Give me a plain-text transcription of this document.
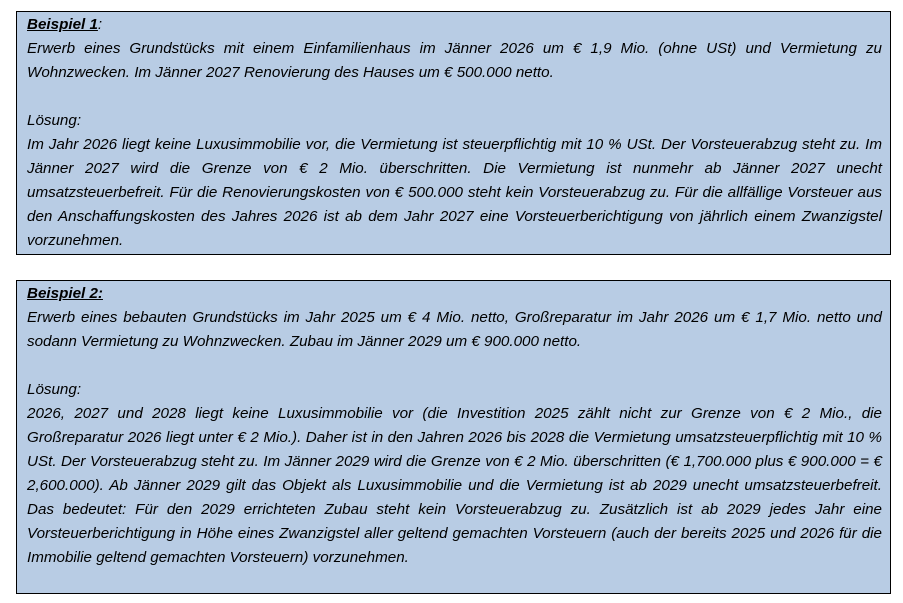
Beispiel 1:

Erwerb eines Grundstücks mit einem Einfamilienhaus im Jänner 2026 um € 1,9 Mio. (ohne USt) und Vermietung zu Wohnzwecken. Im Jänner 2027 Renovierung des Hauses um € 500.000 netto.

Lösung:

Im Jahr 2026 liegt keine Luxusimmobilie vor, die Vermietung ist steuerpflichtig mit 10 % USt. Der Vorsteuerabzug steht zu. Im Jänner 2027 wird die Grenze von € 2 Mio. überschritten. Die Vermietung ist nunmehr ab Jänner 2027 unecht umsatzsteuerbefreit. Für die Renovierungskosten von € 500.000 steht kein Vorsteuerabzug zu. Für die allfällige Vorsteuer aus den Anschaffungskosten des Jahres 2026 ist ab dem Jahr 2027 eine Vorsteuerberichtigung von jährlich einem Zwanzigstel vorzunehmen.

Beispiel 2:

Erwerb eines bebauten Grundstücks im Jahr 2025 um € 4 Mio. netto, Großreparatur im Jahr 2026 um € 1,7 Mio. netto und sodann Vermietung zu Wohnzwecken. Zubau im Jänner 2029 um € 900.000 netto.

Lösung:

2026, 2027 und 2028 liegt keine Luxusimmobilie vor (die Investition 2025 zählt nicht zur Grenze von € 2 Mio., die Großreparatur 2026 liegt unter € 2 Mio.). Daher ist in den Jahren 2026 bis 2028 die Vermietung umsatzsteuerpflichtig mit 10 % USt. Der Vorsteuerabzug steht zu. Im Jänner 2029 wird die Grenze von € 2 Mio. überschritten (€ 1,700.000 plus € 900.000 = € 2,600.000). Ab Jänner 2029 gilt das Objekt als Luxusimmobilie und die Vermietung ist ab 2029 unecht umsatzsteuerbefreit. Das bedeutet: Für den 2029 errichteten Zubau steht kein Vorsteuerabzug zu. Zusätzlich ist ab 2029 jedes Jahr eine Vorsteuerberichtigung in Höhe eines Zwanzigstel aller geltend gemachten Vorsteuern (auch der bereits 2025 und 2026 für die Immobilie geltend gemachten Vorsteuern) vorzunehmen.
